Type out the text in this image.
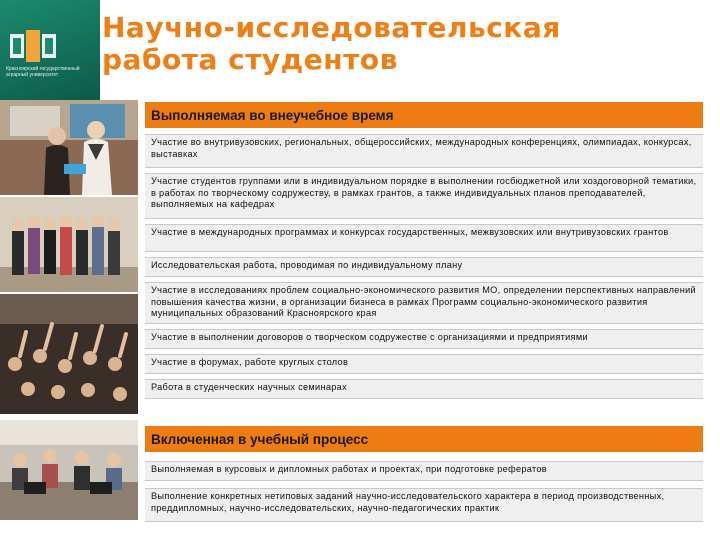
Красноярский государственный аграрный университет
Научно-исследовательская
работа студентов
Выполняемая во внеучебное время
Участие во внутривузовских, региональных, общероссийских, международных конференциях, олимпиадах, конкурсах, выставках
Участие студентов группами или в индивидуальном порядке в выполнении госбюджетной или хоздоговорной тематики, в работах по творческому содружеству, в рамках грантов, а также индивидуальных планов преподавателей, выполняемых на кафедрах
Участие в международных программах и конкурсах государственных, межвузовских или внутривузовских грантов
Исследовательская работа, проводимая по индивидуальному плану
Участие в исследованиях проблем социально-экономического развития МО, определении перспективных направлений повышения качества жизни, в организации бизнеса в рамках Программ социально-экономического развития муниципальных образований Красноярского края
Участие в выполнении договоров о творческом содружестве с организациями и предприятиями
Участие в форумах, работе круглых столов
Работа в студенческих научных семинарах
Включенная в учебный процесс
Выполняемая в курсовых и дипломных работах и проектах, при подготовке рефератов
Выполнение конкретных нетиповых заданий научно-исследовательского характера в период производственных, преддипломных, научно-исследовательских, научно-педагогических практик
